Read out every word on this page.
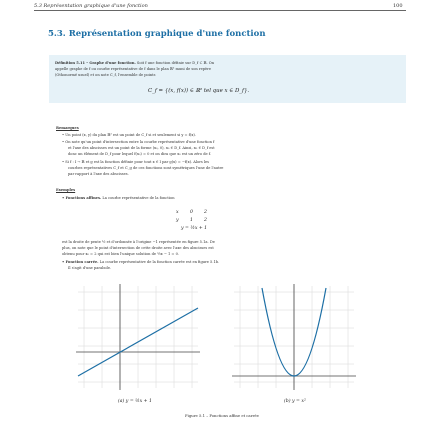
5.3 Représentation graphique d'une fonction	100
5.3. Représentation graphique d'une fonction
Définition 5.11 – Graphe d'une fonction. Soit f une fonction définie sur D_f ⊂ ℝ. On
appelle graphe de f ou courbe représentative de f dans le plan ℝ² muni de son repère
(Othonormé usuel) et on note C_f, l'ensemble de points
C_f = {(x, f(x)) ∈ ℝ² tel que x ∈ D_f}.
Remarques
• Un point (x, y) du plan ℝ² est un point de C_f si et seulement si y = f(x).
• On note qu'un point d'intersection entre la courbe représentative d'une fonction f
et l'axe des abscisses est un point de la forme (x₀, 0), x₀ ∈ D_f. Ainsi, x₀ ∈ D_f est
donc un élément de D_f pour lequel f(x₀) = 0 et on dira que x₀ est un zéro de f.
• Si f : I → ℝ et g est la fonction définie pour tout x ∈ I par g(x) = −f(x). Alors les
courbes représentatives C_f et C_g de ces fonctions sont symétriques l'une de l'autre
par rapport à l'axe des abscisses.
Exemples
• Fonctions affines. La courbe représentative de la fonction
x 0 2
y 1 2
y = ½x + 1
est la droite de pente ½ et d'ordonnée à l'origine −1 représentée en figure 5.1a. De
plus, on note que le point d'intersection de cette droite avec l'axe des abscisses est
obtenu pour x₀ = 2 qui est bien l'unique solution de ½x − 1 = 0.
• Fonction carrée. La courbe représentative de la fonction carrée est en figure 5.1b.
Il s'agit d'une parabole.
(a) y = ½x + 1	(b) y = x²
Figure 5.1 – Fonctions affine et carrée
